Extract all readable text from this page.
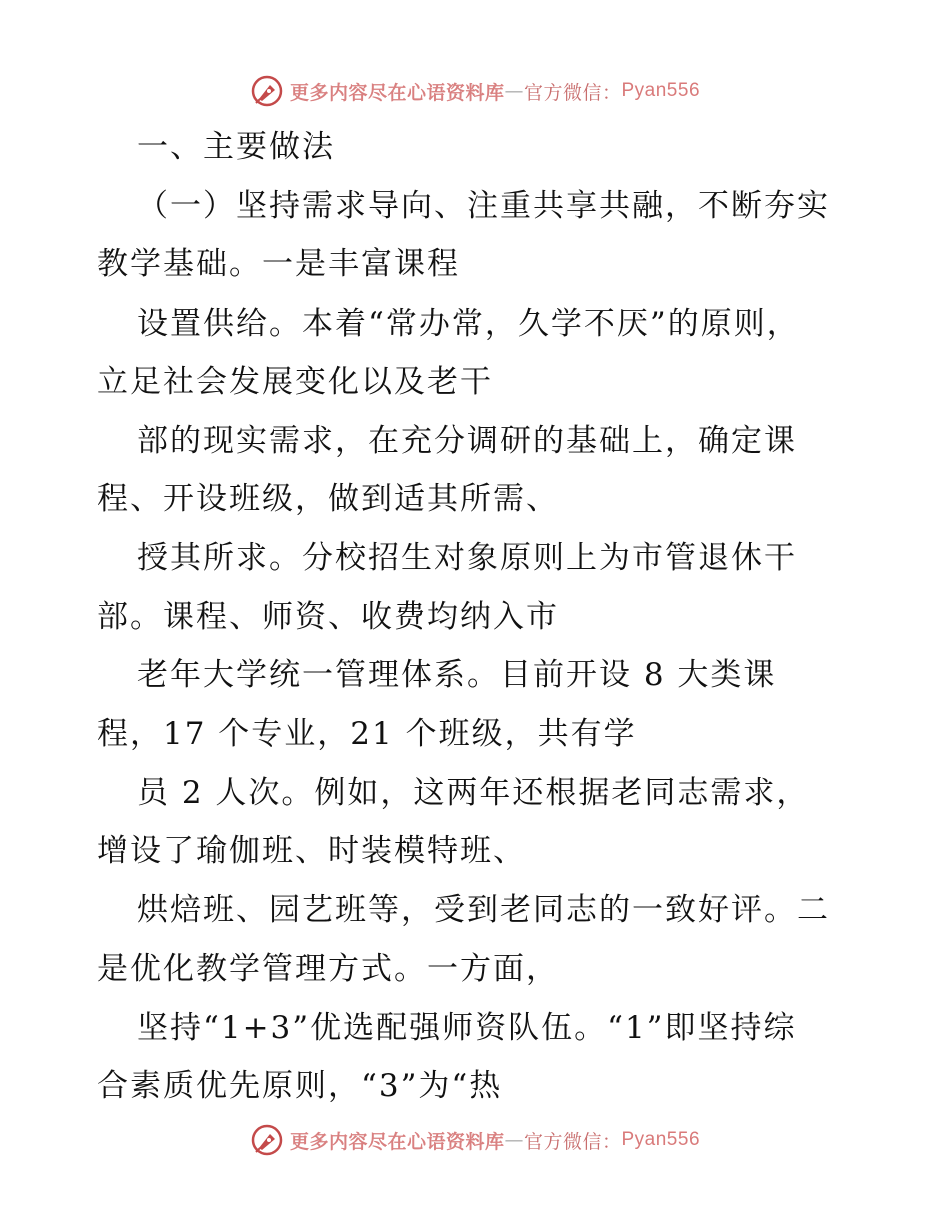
更多内容尽在心语资料库 — 官方微信： Pyan556
一、主要做法
（一）坚持需求导向、注重共享共融，不断夯实
教学基础。一是丰富课程
设置供给。本着“常办常，久学不厌”的原则，
立足社会发展变化以及老干
部的现实需求，在充分调研的基础上，确定课
程、开设班级，做到适其所需、
授其所求。分校招生对象原则上为市管退休干
部。课程、师资、收费均纳入市
老年大学统一管理体系。目前开设 8 大类课
程，17 个专业，21 个班级，共有学
员 2 人次。例如，这两年还根据老同志需求，
增设了瑜伽班、时装模特班、
烘焙班、园艺班等，受到老同志的一致好评。二
是优化教学管理方式。一方面，
坚持“1+3”优选配强师资队伍。“1”即坚持综
合素质优先原则，“3”为“热
更多内容尽在心语资料库 — 官方微信： Pyan556
